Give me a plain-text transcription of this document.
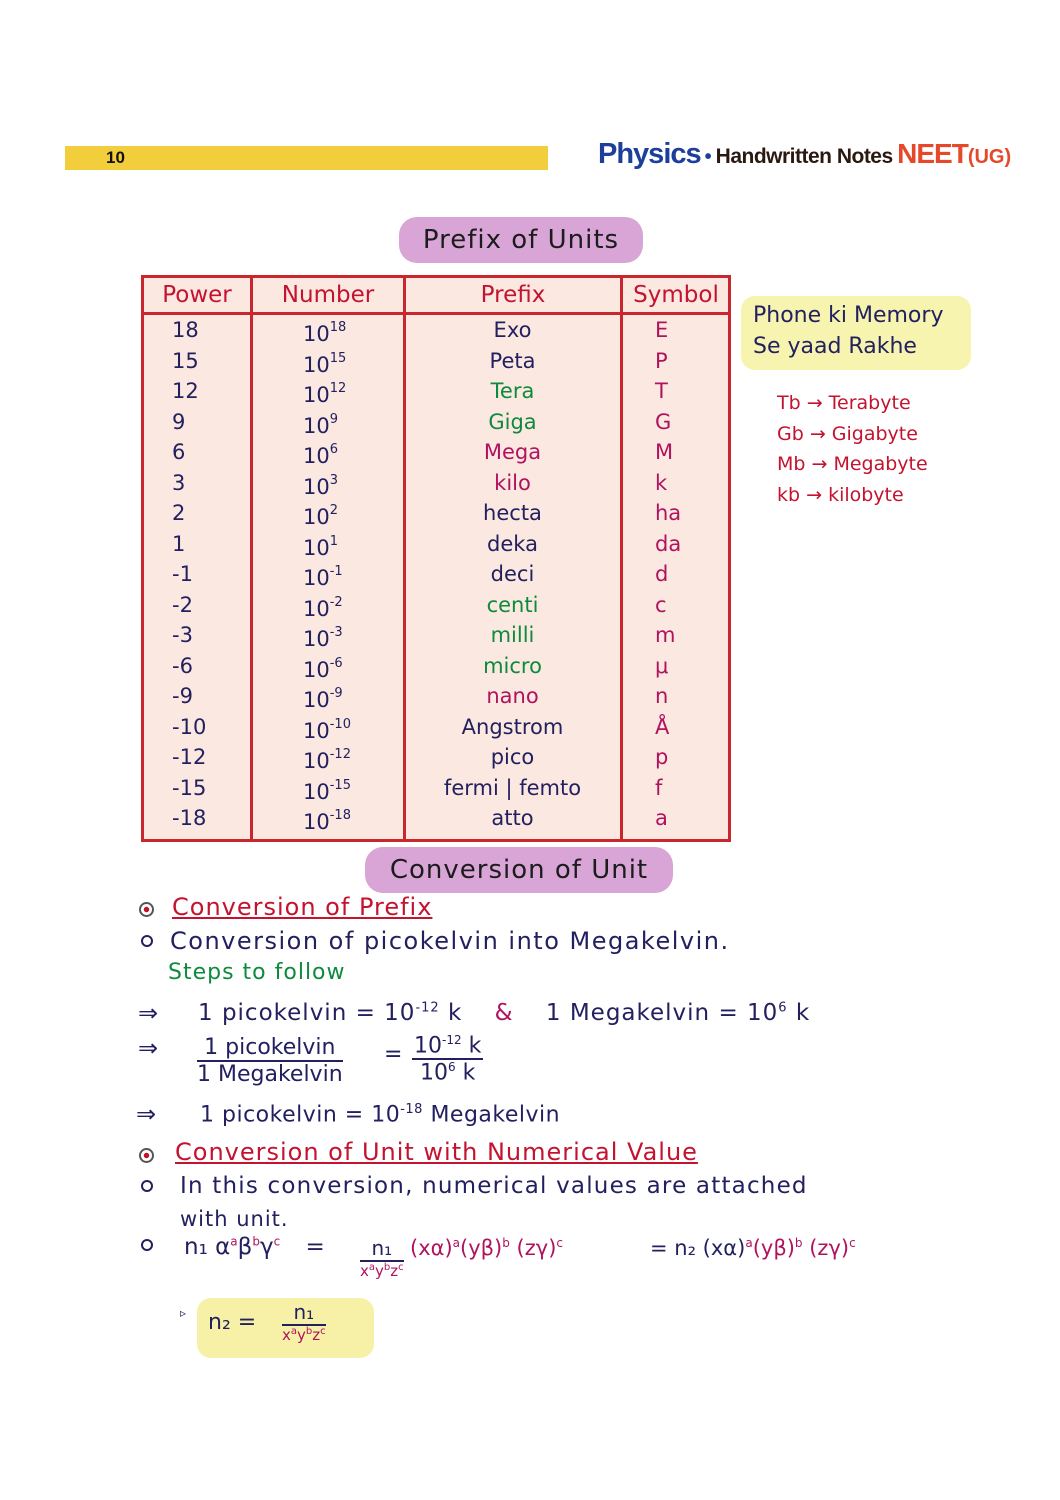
10	Physics • Handwritten Notes NEET(UG)
Prefix of Units
Power	Number	Prefix	Symbol
18	$10^{18}$	Exo	E
15	$10^{15}$	Peta	P
12	$10^{12}$	Tera	T
9	$10^9$	Giga	G
6	$10^6$	Mega	M
3	$10^3$	kilo	k
2	$10^2$	hecta	ha
1	$10^1$	deka	da
-1	$10^{-1}$	deci	d
-2	$10^{-2}$	centi	c
-3	$10^{-3}$	milli	m
-6	$10^{-6}$	micro	μ
-9	$10^{-9}$	nano	n
-10	$10^{-10}$	Angstrom	Å
-12	$10^{-12}$	pico	p
-15	$10^{-15}$	fermi | femto	f
-18	$10^{-18}$	atto	a
Phone ki Memory
Se yaad Rakhe
Tb → Terabyte
Gb → Gigabyte
Mb → Megabyte
kb → kilobyte
Conversion of Unit
Conversion of Prefix
Conversion of picokelvin into Megakelvin.
Steps to follow
⇒ 1 picokelvin = $10^{-12}$ k & 1 Megakelvin = $10^6$ k
⇒	1 picokelvin
1 Megakelvin
= $\frac{10^{-12} k}{10^6 k}$
⇒ 1 picokelvin = $10^{-18}$ Megakelvin
Conversion of Unit with Numerical Value
In this conversion, numerical values are attached
with unit.
n₁ $\alpha^a\beta^b\gamma^c$ =	n₁
$x^ay^bz^c$
$(x\alpha)^a(y\beta)^b$ $(z\gamma)^c$	= n₂ $(x\alpha)^a(y\beta)^b$ $(z\gamma)^c$
▹ n₂ =	n₁
$x^ay^bz^c$
